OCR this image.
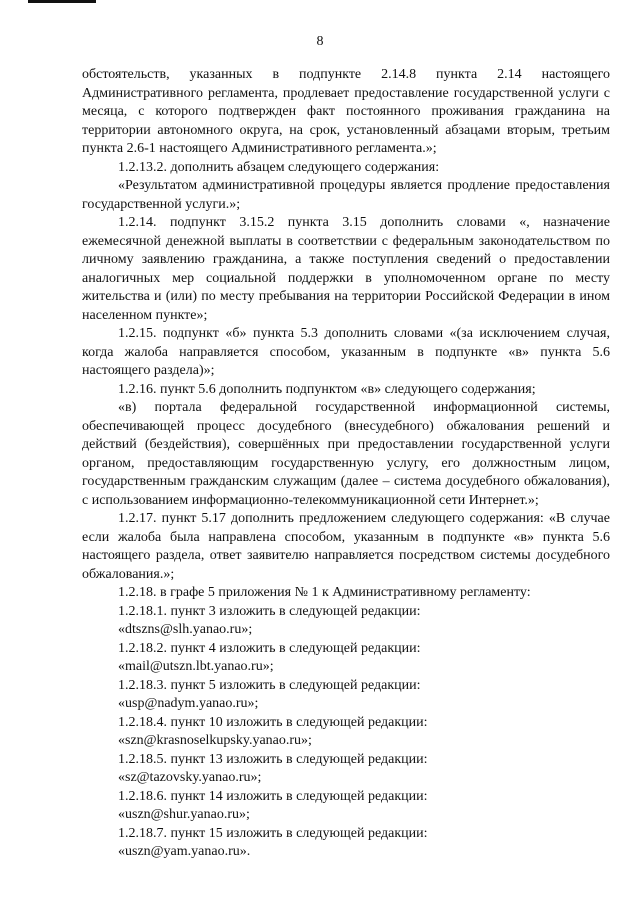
8

обстоятельств, указанных в подпункте 2.14.8 пункта 2.14 настоящего Административного регламента, продлевает предоставление государственной услуги с месяца, с которого подтвержден факт постоянного проживания гражданина на территории автономного округа, на срок, установленный абзацами вторым, третьим пункта 2.6-1 настоящего Административного регламента.»;

1.2.13.2. дополнить абзацем следующего содержания:

«Результатом административной процедуры является продление предоставления государственной услуги.»;

1.2.14. подпункт 3.15.2 пункта 3.15 дополнить словами «, назначение ежемесячной денежной выплаты в соответствии с федеральным законодательством по личному заявлению гражданина, а также поступления сведений о предоставлении аналогичных мер социальной поддержки в уполномоченном органе по месту жительства и (или) по месту пребывания на территории Российской Федерации в ином населенном пункте»;

1.2.15. подпункт «б» пункта 5.3 дополнить словами «(за исключением случая, когда жалоба направляется способом, указанным в подпункте «в» пункта 5.6 настоящего раздела)»;

1.2.16. пункт 5.6 дополнить подпунктом «в» следующего содержания;

«в) портала федеральной государственной информационной системы, обеспечивающей процесс досудебного (внесудебного) обжалования решений и действий (бездействия), совершённых при предоставлении государственной услуги органом, предоставляющим государственную услугу, его должностным лицом, государственным гражданским служащим (далее – система досудебного обжалования), с использованием информационно-телекоммуникационной сети Интернет.»;

1.2.17. пункт 5.17 дополнить предложением следующего содержания: «В случае если жалоба была направлена способом, указанным в подпункте «в» пункта 5.6 настоящего раздела, ответ заявителю направляется посредством системы досудебного обжалования.»;

1.2.18. в графе 5 приложения № 1 к Административному регламенту:

1.2.18.1. пункт 3 изложить в следующей редакции:

«dtszns@slh.yanao.ru»;

1.2.18.2. пункт 4 изложить в следующей редакции:

«mail@utszn.lbt.yanao.ru»;

1.2.18.3. пункт 5 изложить в следующей редакции:

«usp@nadym.yanao.ru»;

1.2.18.4. пункт 10 изложить в следующей редакции:

«szn@krasnoselkupsky.yanao.ru»;

1.2.18.5. пункт 13 изложить в следующей редакции:

«sz@tazovsky.yanao.ru»;

1.2.18.6. пункт 14 изложить в следующей редакции:

«uszn@shur.yanao.ru»;

1.2.18.7. пункт 15 изложить в следующей редакции:

«uszn@yam.yanao.ru».
